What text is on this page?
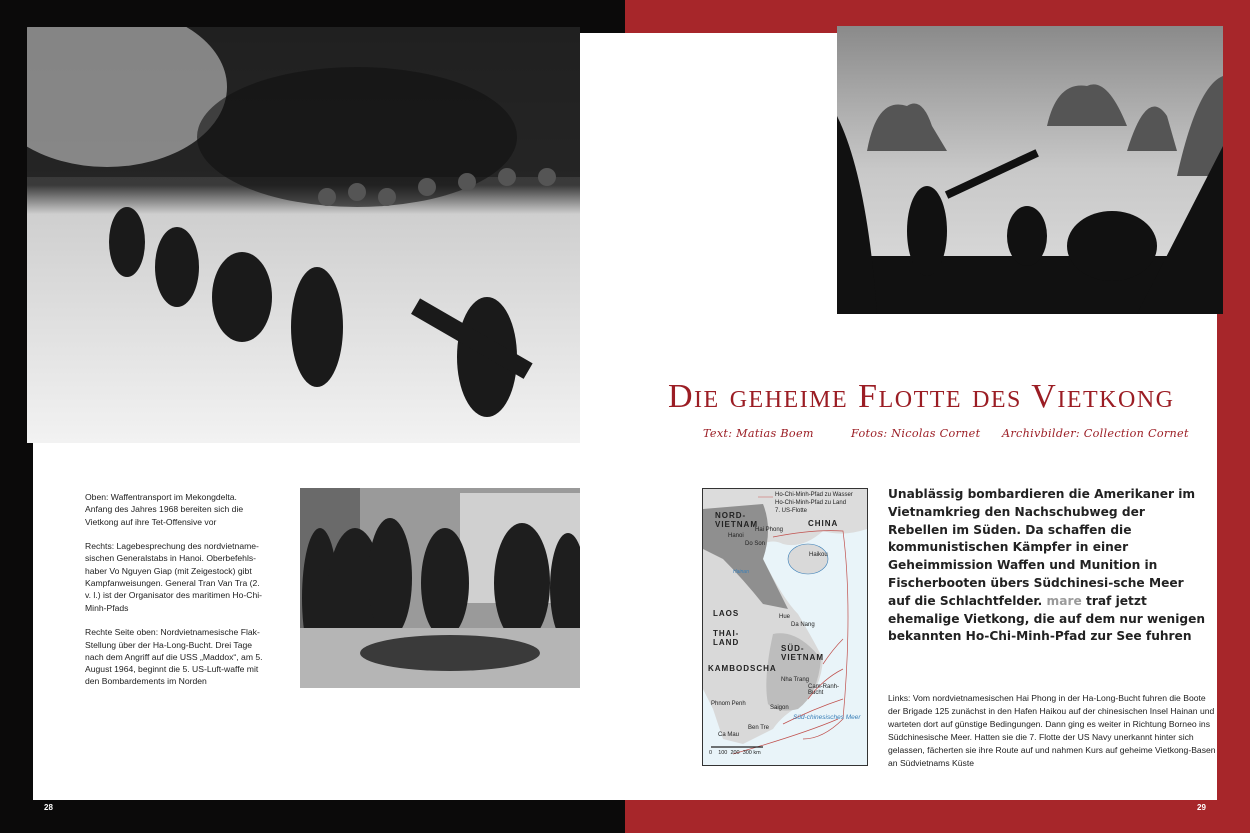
Oben: Waffentransport im Mekongdelta. Anfang des Jahres 1968 bereiten sich die Vietkong auf ihre Tet-Offensive vor

Rechts: Lagebesprechung des nordvietname-sischen Generalstabs in Hanoi. Oberbefehls-haber Vo Nguyen Giap (mit Zeigestock) gibt Kampfanweisungen. General Tran Van Tra (2. v. l.) ist der Organisator des maritimen Ho-Chi-Minh-Pfads

Rechte Seite oben: Nordvietnamesische Flak-Stellung über der Ha-Long-Bucht. Drei Tage nach dem Angriff auf die USS „Maddox“, am 5. August 1964, beginnt die 5. US-Luft-waffe mit den Bombardements im Norden

Die geheime Flotte des Vietkong
Text: Matias Boem	Fotos: Nicolas Cornet Archivbilder: Collection Cornet
Unablässig bombardieren die Amerikaner im Vietnamkrieg den Nachschubweg der Rebellen im Süden. Da schaffen die kommunistischen Kämpfer in einer Geheimmission Waffen und Munition in Fischerbooten übers Südchinesi-sche Meer auf die Schlachtfelder. mare traf jetzt ehemalige Vietkong, die auf dem nur wenigen bekannten Ho-Chi-Minh-Pfad zur See fuhren
Ho-Chi-Minh-Pfad zu Wasser
Ho-Chi-Minh-Pfad zu Land
7. US-Flotte
NORD-VIETNAM	CHINA
LAOS
THAI-LAND
KAMBODSCHA
SÜD-VIETNAM
Hanoi
Hai Phong
Do Son
Haikou
Hue
Da Nang
Nha Trang
Cam-Ranh-Bucht
Phnom Penh
Saigon
Ben Tre
Ca Mau
Süd-chinesisches Meer
Hainan
0 100 200 300 km
Links: Vom nordvietnamesischen Hai Phong in der Ha-Long-Bucht fuhren die Boote der Brigade 125 zunächst in den Hafen Haikou auf der chinesischen Insel Hainan und warteten dort auf günstige Bedingungen. Dann ging es weiter in Richtung Borneo ins Südchinesische Meer. Hatten sie die 7. Flotte der US Navy unerkannt hinter sich gelassen, fächerten sie ihre Route auf und nahmen Kurs auf geheime Vietkong-Basen an Südvietnams Küste
28	29
